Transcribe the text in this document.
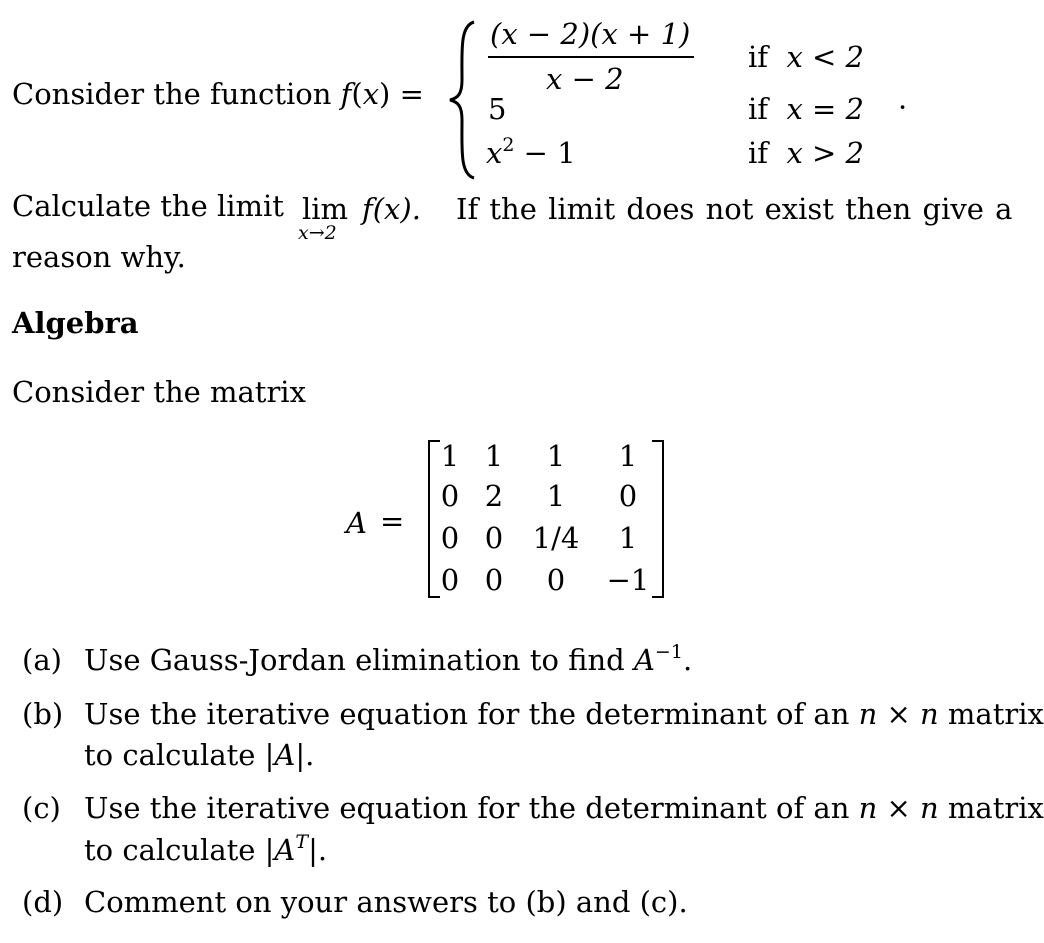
Consider the function f(x) =
(x − 2)(x + 1)
x − 2
if x < 2
5	if x = 2 ·
$x^2 - 1$	if x > 2
Calculate the limit lim
x→2
f(x). If the limit does not exist then give a
reason why.
Algebra
Consider the matrix
A =
1 1	1	1
0 2	1	0
0 0	1/4	1
0 0	0	−1
(a) Use Gauss-Jordan elimination to find $A^{-1}$.
(b) Use the iterative equation for the determinant of an n × n matrix
to calculate |A|.
(c) Use the iterative equation for the determinant of an n × n matrix
to calculate $|A^T|$.
(d) Comment on your answers to (b) and (c).
